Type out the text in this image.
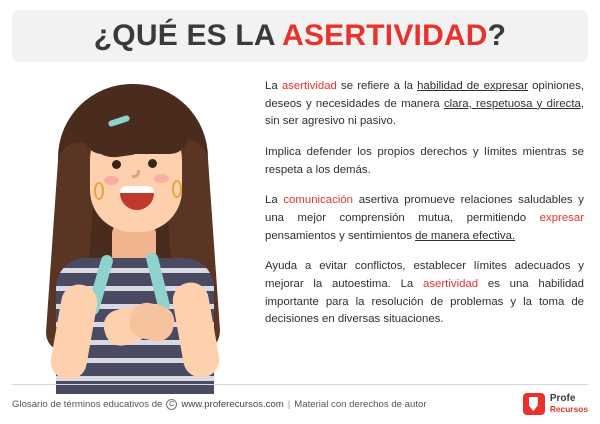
¿QUÉ ES LA ASERTIVIDAD?

La asertividad se refiere a la habilidad de expresar opiniones, deseos y necesidades de manera clara, respetuosa y directa, sin ser agresivo ni pasivo.

Implica defender los propios derechos y límites mientras se respeta a los demás.

La comunicación asertiva promueve relaciones saludables y una mejor comprensión mutua, permitiendo expresar pensamientos y sentimientos de manera efectiva.

Ayuda a evitar conflictos, establecer límites adecuados y mejorar la autoestima. La asertividad es una habilidad importante para la resolución de problemas y la toma de decisiones en diversas situaciones.

Glosario de términos educativos de C www.proferecursos.com | Material con derechos de autor	Profe
Recursos
